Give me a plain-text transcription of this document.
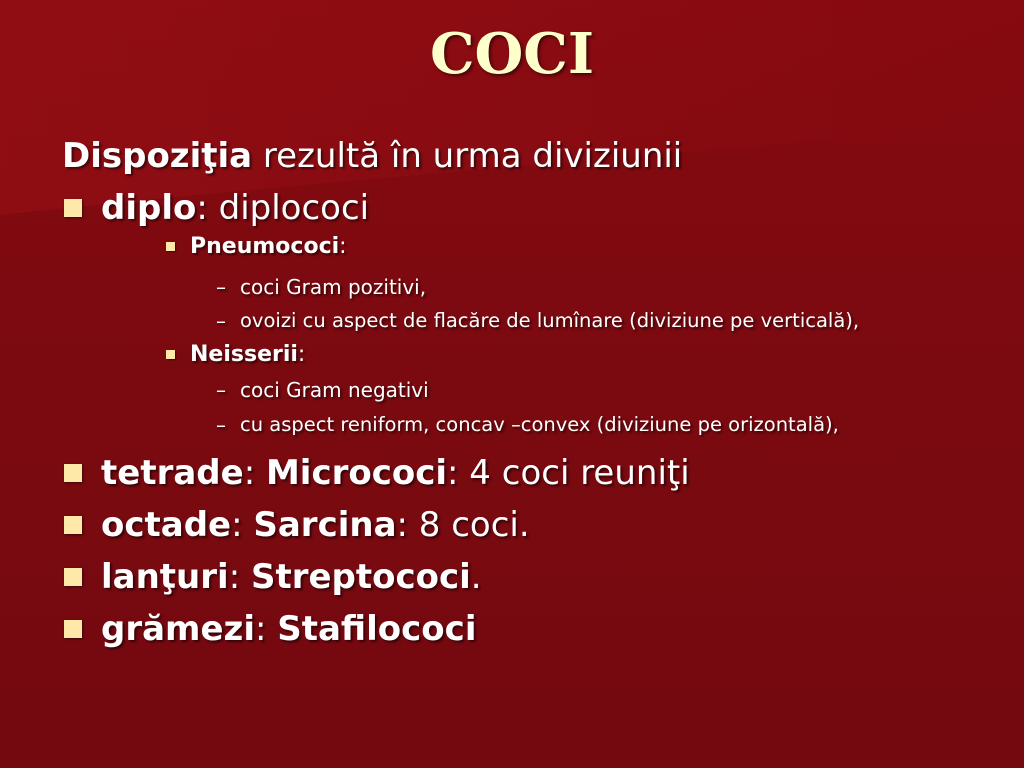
COCI
Dispoziţia rezultă în urma diviziunii
diplo: diplococi
Pneumococi:
– coci Gram pozitivi,
– ovoizi cu aspect de flacăre de lumînare (diviziune pe verticală),
Neisserii:
– coci Gram negativi
– cu aspect reniform, concav –convex (diviziune pe orizontală),
tetrade: Micrococi: 4 coci reuniţi
octade: Sarcina: 8 coci.
lanţuri: Streptococi.
grămezi: Stafilococi
